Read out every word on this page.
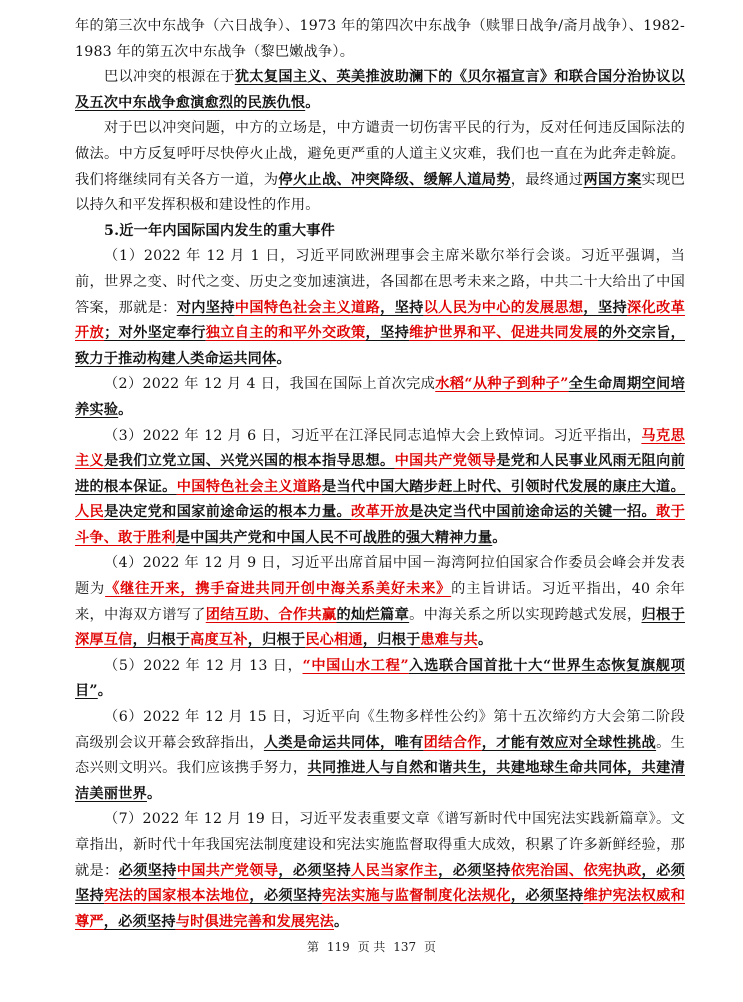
年的第三次中东战争（六日战争）、1973 年的第四次中东战争（赎罪日战争/斋月战争）、1982-1983 年的第五次中东战争（黎巴嫩战争）。

巴以冲突的根源在于犹太复国主义、英美推波助澜下的《贝尔福宣言》和联合国分治协议以及五次中东战争愈演愈烈的民族仇恨。

对于巴以冲突问题，中方的立场是，中方谴责一切伤害平民的行为，反对任何违反国际法的做法。中方反复呼吁尽快停火止战，避免更严重的人道主义灾难，我们也一直在为此奔走斡旋。我们将继续同有关各方一道，为停火止战、冲突降级、缓解人道局势，最终通过两国方案实现巴以持久和平发挥积极和建设性的作用。

5.近一年内国际国内发生的重大事件

（1）2022 年 12 月 1 日，习近平同欧洲理事会主席米歇尔举行会谈。习近平强调，当前，世界之变、时代之变、历史之变加速演进，各国都在思考未来之路，中共二十大给出了中国答案，那就是：对内坚持中国特色社会主义道路，坚持以人民为中心的发展思想，坚持深化改革开放；对外坚定奉行独立自主的和平外交政策，坚持维护世界和平、促进共同发展的外交宗旨，致力于推动构建人类命运共同体。

（2）2022 年 12 月 4 日，我国在国际上首次完成水稻“从种子到种子”全生命周期空间培养实验。

（3）2022 年 12 月 6 日，习近平在江泽民同志追悼大会上致悼词。习近平指出，马克思主义是我们立党立国、兴党兴国的根本指导思想。中国共产党领导是党和人民事业风雨无阻向前进的根本保证。中国特色社会主义道路是当代中国大踏步赶上时代、引领时代发展的康庄大道。人民是决定党和国家前途命运的根本力量。改革开放是决定当代中国前途命运的关键一招。敢于斗争、敢于胜利是中国共产党和中国人民不可战胜的强大精神力量。

（4）2022 年 12 月 9 日，习近平出席首届中国－海湾阿拉伯国家合作委员会峰会并发表题为《继往开来，携手奋进共同开创中海关系美好未来》的主旨讲话。习近平指出，40 余年来，中海双方谱写了团结互助、合作共赢的灿烂篇章。中海关系之所以实现跨越式发展，归根于深厚互信，归根于高度互补，归根于民心相通，归根于患难与共。

（5）2022 年 12 月 13 日，“中国山水工程”入选联合国首批十大“世界生态恢复旗舰项目”。

（6）2022 年 12 月 15 日，习近平向《生物多样性公约》第十五次缔约方大会第二阶段高级别会议开幕会致辞指出，人类是命运共同体，唯有团结合作，才能有效应对全球性挑战。生态兴则文明兴。我们应该携手努力，共同推进人与自然和谐共生，共建地球生命共同体，共建清洁美丽世界。

（7）2022 年 12 月 19 日，习近平发表重要文章《谱写新时代中国宪法实践新篇章》。文章指出，新时代十年我国宪法制度建设和宪法实施监督取得重大成效，积累了许多新鲜经验，那就是：必须坚持中国共产党领导，必须坚持人民当家作主，必须坚持依宪治国、依宪执政，必须坚持宪法的国家根本法地位，必须坚持宪法实施与监督制度化法规化，必须坚持维护宪法权威和尊严，必须坚持与时俱进完善和发展宪法。

第 119 页 共 137 页
